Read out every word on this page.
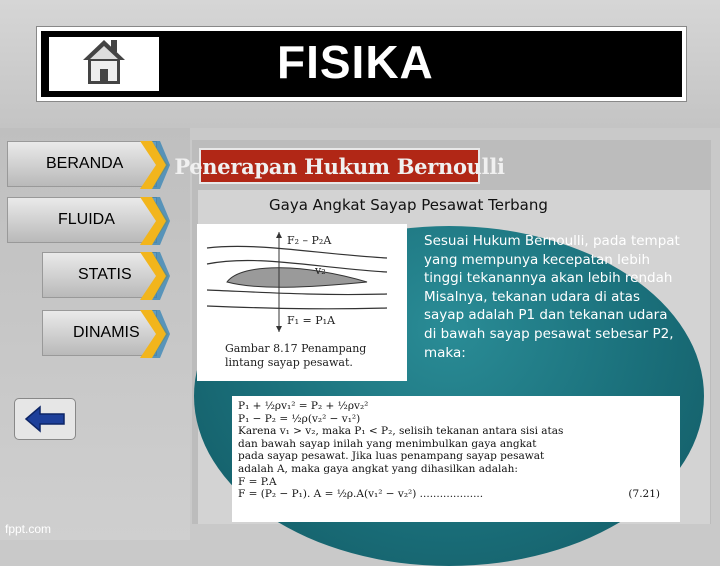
FISIKA
BERANDA
FLUIDA
STATIS
DINAMIS
Penerapan Hukum Bernoulli
Gaya Angkat Sayap Pesawat Terbang
F₂ – P₂A
v₂
F₁ = P₁A
Gambar 8.17 Penampang
lintang sayap pesawat.
Sesuai Hukum Bernoulli, pada tempat
yang mempunya kecepatan lebih
tinggi tekanannya akan lebih rendah
Misalnya, tekanan udara di atas
sayap adalah P1 dan tekanan udara
di bawah sayap pesawat sebesar P2,
maka:
P₁ + ½ρv₁² = P₂ + ½ρv₂²
P₁ − P₂ = ½ρ(v₂² − v₁²)
Karena v₁ > v₂, maka P₁ < P₂, selisih tekanan antara sisi atas
dan bawah sayap inilah yang menimbulkan gaya angkat
pada sayap pesawat. Jika luas penampang sayap pesawat
adalah A, maka gaya angkat yang dihasilkan adalah:
F = P.A
F = (P₂ − P₁). A = ½ρ.A(v₁² − v₂²) ...................	(7.21)
fppt.com
